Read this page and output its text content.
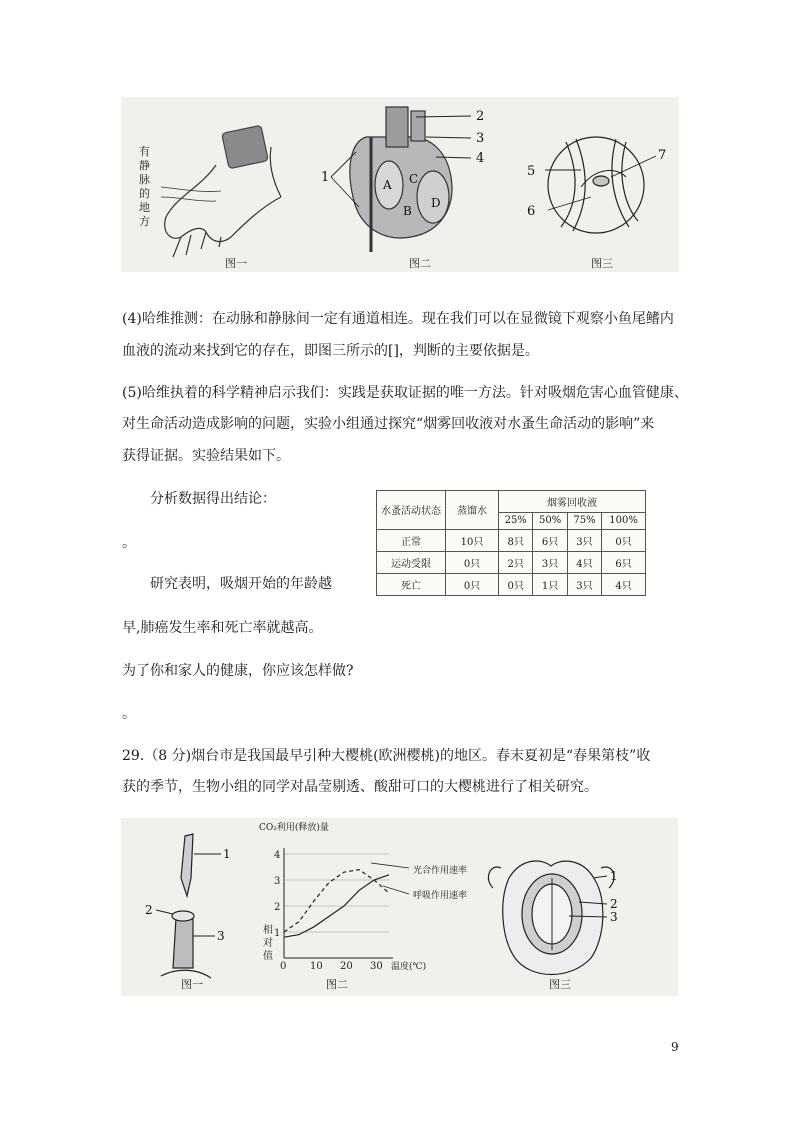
有
静
脉
的
地
方
A
B
C
D
1
2
3
4
5
6
7
图一	图二	图三
(4)哈维推测：在动脉和静脉间一定有通道相连。现在我们可以在显微镜下观察小鱼尾鳍内
血液的流动来找到它的存在，即图三所示的[]，判断的主要依据是。
(5)哈维执着的科学精神启示我们：实践是获取证据的唯一方法。针对吸烟危害心血管健康、
对生命活动造成影响的问题，实验小组通过探究“烟雾回收液对水蚤生命活动的影响”来
获得证据。实验结果如下。
分析数据得出结论：
。
研究表明，吸烟开始的年龄越
早,肺癌发生率和死亡率就越高。
为了你和家人的健康，你应该怎样做?
。
29.（8 分)烟台市是我国最早引种大樱桃(欧洲樱桃)的地区。春末夏初是“春果第枝”收
获的季节，生物小组的同学对晶莹剔透、酸甜可口的大樱桃进行了相关研究。
水蚤活动状态	蒸馏水	烟雾回收液			
		25%	50%	75%	100%
正常	10只	8只	6只	3只	0只
运动受限	0只	2只	3只	4只	6只
死亡	0只	0只	1只	3只	4只
1
2
3
CO₂利用(释放)量
相
对
值
温度(℃)
光合作用速率
呼吸作用速率
1
2
3
4
0 10 20 30
1
2
3
图一	图二	图三
9
